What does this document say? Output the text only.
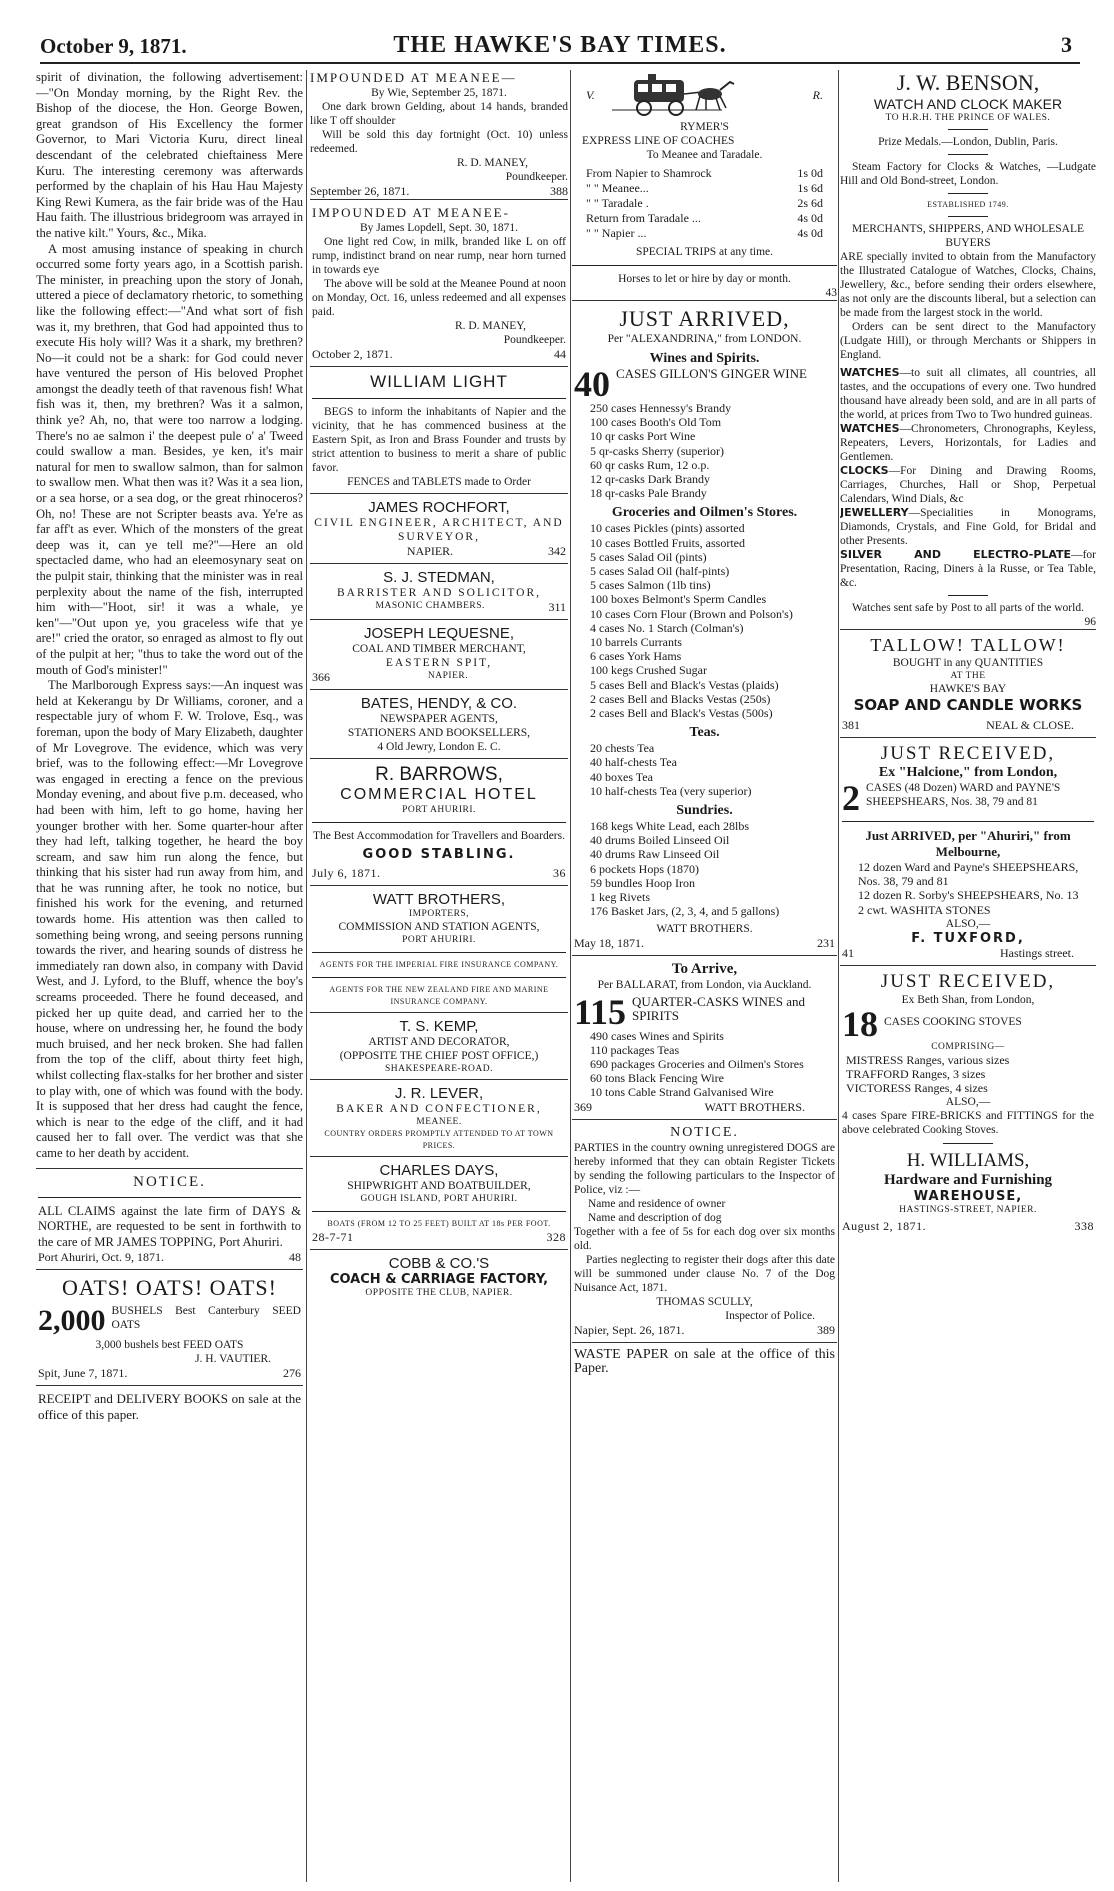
October 9, 1871.	THE HAWKE'S BAY TIMES.	3

spirit of divination, the following advertisement:—"On Monday morning, by the Right Rev. the Bishop of the diocese, the Hon. George Bowen, great grandson of His Excellency the former Governor, to Mari Victoria Kuru, direct lineal descendant of the celebrated chieftainess Mere Kuru. The interesting ceremony was afterwards performed by the chaplain of his Hau Hau Majesty King Rewi Kumera, as the fair bride was of the Hau Hau faith. The illustrious bridegroom was arrayed in the native kilt." Yours, &c., Mika.

A most amusing instance of speaking in church occurred some forty years ago, in a Scottish parish. The minister, in preaching upon the story of Jonah, uttered a piece of declamatory rhetoric, to something like the following effect:—"And what sort of fish was it, my brethren, that God had appointed thus to execute His holy will? Was it a shark, my brethren? No—it could not be a shark: for God could never have ventured the person of His beloved Prophet amongst the deadly teeth of that ravenous fish! What fish was it, then, my brethren? Was it a salmon, think ye? Ah, no, that were too narrow a lodging. There's no ae salmon i' the deepest pule o' a' Tweed could swallow a man. Besides, ye ken, it's mair natural for men to swallow salmon, than for salmon to swallow men. What then was it? Was it a sea lion, or a sea horse, or a sea dog, or the great rhinoceros? Oh, no! These are not Scripter beasts ava. Ye're as far aff't as ever. Which of the monsters of the great deep was it, can ye tell me?"—Here an old spectacled dame, who had an eleemosynary seat on the pulpit stair, thinking that the minister was in real perplexity about the name of the fish, interrupted him with—"Hoot, sir! it was a whale, ye ken"—"Out upon ye, you graceless wife that ye are!" cried the orator, so enraged as almost to fly out of the pulpit at her; "thus to take the word out of the mouth of God's minister!"

The Marlborough Express says:—An inquest was held at Kekerangu by Dr Williams, coroner, and a respectable jury of whom F. W. Trolove, Esq., was foreman, upon the body of Mary Elizabeth, daughter of Mr Lovegrove. The evidence, which was very brief, was to the following effect:—Mr Lovegrove was engaged in erecting a fence on the previous Monday evening, and about five p.m. deceased, who had been with him, left to go home, having her younger brother with her. Some quarter-hour after they had left, talking together, he heard the boy scream, and saw him run along the fence, but thinking that his sister had run away from him, and that he was running after, he took no notice, but finished his work for the evening, and returned towards home. His attention was then called to something being wrong, and seeing persons running towards the river, and hearing sounds of distress he immediately ran down also, in company with David West, and J. Lyford, to the Bluff, whence the boy's screams proceeded. There he found deceased, and picked her up quite dead, and carried her to the house, where on undressing her, he found the body much bruised, and her neck broken. She had fallen from the top of the cliff, about thirty feet high, whilst collecting flax-stalks for her brother and sister to play with, one of which was found with the body. It is supposed that her dress had caught the fence, which is near to the edge of the cliff, and it had caused her to fall over. The verdict was that she came to her death by accident.

NOTICE.

ALL CLAIMS against the late firm of DAYS & NORTHE, are requested to be sent in forthwith to the care of MR JAMES TOPPING, Port Ahuriri.

Port Ahuriri, Oct. 9, 1871.	48
OATS! OATS! OATS!
2,000 BUSHELS Best Canterbury SEED OATS

3,000 bushels best FEED OATS

J. H. VAUTIER.

Spit, June 7, 1871.	276

RECEIPT and DELIVERY BOOKS on sale at the office of this paper.

IMPOUNDED AT MEANEE—

By Wie, September 25, 1871.

One dark brown Gelding, about 14 hands, branded like T off shoulder

Will be sold this day fortnight (Oct. 10) unless redeemed.

R. D. MANEY,

Poundkeeper.

September 26, 1871.	388
IMPOUNDED AT MEANEE-

By James Lopdell, Sept. 30, 1871.

One light red Cow, in milk, branded like L on off rump, indistinct brand on near rump, near horn turned in towards eye

The above will be sold at the Meanee Pound at noon on Monday, Oct. 16, unless redeemed and all expenses paid.

R. D. MANEY,

Poundkeeper.

October 2, 1871.	44
WILLIAM LIGHT

BEGS to inform the inhabitants of Napier and the vicinity, that he has commenced business at the Eastern Spit, as Iron and Brass Founder and trusts by strict attention to business to merit a share of public favor.

FENCES and TABLETS made to Order

JAMES ROCHFORT,
CIVIL ENGINEER, ARCHITECT, AND SURVEYOR,
NAPIER.	342
S. J. STEDMAN,
BARRISTER AND SOLICITOR,
MASONIC CHAMBERS.	311
JOSEPH LEQUESNE,
COAL AND TIMBER MERCHANT,
EASTERN SPIT,
366	NAPIER.
BATES, HENDY, & CO.
NEWSPAPER AGENTS,
STATIONERS AND BOOKSELLERS,
4 Old Jewry, London E. C.
R. BARROWS,
COMMERCIAL HOTEL
PORT AHURIRI.

The Best Accommodation for Travellers and Boarders.

GOOD STABLING.
July 6, 1871.	36
WATT BROTHERS,
IMPORTERS,
COMMISSION AND STATION AGENTS,
PORT AHURIRI.
AGENTS FOR THE IMPERIAL FIRE INSURANCE COMPANY.
AGENTS FOR THE NEW ZEALAND FIRE AND MARINE INSURANCE COMPANY.
T. S. KEMP,
ARTIST AND DECORATOR,
(OPPOSITE THE CHIEF POST OFFICE,)
SHAKESPEARE-ROAD.
J. R. LEVER,
BAKER AND CONFECTIONER,
MEANEE.
COUNTRY ORDERS PROMPTLY ATTENDED TO AT TOWN PRICES.
CHARLES DAYS,
SHIPWRIGHT AND BOATBUILDER,
GOUGH ISLAND, PORT AHURIRI.
BOATS (FROM 12 TO 25 FEET) BUILT AT 18s PER FOOT.
28-7-71	328
COBB & CO.'S
COACH & CARRIAGE FACTORY,
OPPOSITE THE CLUB, NAPIER.
V.	R.
RYMER'S
EXPRESS LINE OF COACHES
To Meanee and Taradale.
From Napier to Shamrock	1s 0d
" " Meanee...	1s 6d
" " Taradale .	2s 6d
Return from Taradale ...	4s 0d
" " Napier ...	4s 0d
SPECIAL TRIPS at any time.
Horses to let or hire by day or month.
43
JUST ARRIVED,
Per "ALEXANDRINA," from LONDON.
Wines and Spirits.
40 CASES GILLON'S GINGER WINE
250 cases Hennessy's Brandy
100 cases Booth's Old Tom
10 qr casks Port Wine
5 qr-casks Sherry (superior)
60 qr casks Rum, 12 o.p.
12 qr-casks Dark Brandy
18 qr-casks Pale Brandy
Groceries and Oilmen's Stores.
10 cases Pickles (pints) assorted
10 cases Bottled Fruits, assorted
5 cases Salad Oil (pints)
5 cases Salad Oil (half-pints)
5 cases Salmon (1lb tins)
100 boxes Belmont's Sperm Candles
10 cases Corn Flour (Brown and Polson's)
4 cases No. 1 Starch (Colman's)
10 barrels Currants
6 cases York Hams
100 kegs Crushed Sugar
5 cases Bell and Black's Vestas (plaids)
2 cases Bell and Blacks Vestas (250s)
2 cases Bell and Black's Vestas (500s)
Teas.
20 chests Tea
40 half-chests Tea
40 boxes Tea
10 half-chests Tea (very superior)
Sundries.
168 kegs White Lead, each 28lbs
40 drums Boiled Linseed Oil
40 drums Raw Linseed Oil
6 pockets Hops (1870)
59 bundles Hoop Iron
1 keg Rivets
176 Basket Jars, (2, 3, 4, and 5 gallons)
WATT BROTHERS.
May 18, 1871.	231
To Arrive,
Per BALLARAT, from London, via Auckland.
115 QUARTER-CASKS WINES and SPIRITS
490 cases Wines and Spirits
110 packages Teas
690 packages Groceries and Oilmen's Stores
60 tons Black Fencing Wire
10 tons Cable Strand Galvanised Wire
369	WATT BROTHERS.
NOTICE.

PARTIES in the country owning unregistered DOGS are hereby informed that they can obtain Register Tickets by sending the following particulars to the Inspector of Police, viz :—

Name and residence of owner
Name and description of dog

Together with a fee of 5s for each dog over six months old.

Parties neglecting to register their dogs after this date will be summoned under clause No. 7 of the Dog Nuisance Act, 1871.

THOMAS SCULLY,
Inspector of Police.
Napier, Sept. 26, 1871.	389

WASTE PAPER on sale at the office of this Paper.

J. W. BENSON,
WATCH AND CLOCK MAKER
TO H.R.H. THE PRINCE OF WALES.
Prize Medals.—London, Dublin, Paris.

Steam Factory for Clocks & Watches, —Ludgate Hill and Old Bond-street, London.

ESTABLISHED 1749.
MERCHANTS, SHIPPERS, AND WHOLESALE BUYERS

ARE specially invited to obtain from the Manufactory the Illustrated Catalogue of Watches, Clocks, Chains, Jewellery, &c., before sending their orders elsewhere, as not only are the discounts liberal, but a selection can be made from the largest stock in the world.

Orders can be sent direct to the Manufactory (Ludgate Hill), or through Merchants or Shippers in England.

WATCHES—to suit all climates, all countries, all tastes, and the occupations of every one. Two hundred thousand have already been sold, and are in all parts of the world, at prices from Two to Two hundred guineas.

WATCHES—Chronometers, Chronographs, Keyless, Repeaters, Levers, Horizontals, for Ladies and Gentlemen.

CLOCKS—For Dining and Drawing Rooms, Carriages, Churches, Hall or Shop, Perpetual Calendars, Wind Dials, &c

JEWELLERY—Specialities in Monograms, Diamonds, Crystals, and Fine Gold, for Bridal and other Presents.

SILVER AND ELECTRO-PLATE—for Presentation, Racing, Diners à la Russe, or Tea Table, &c.

Watches sent safe by Post to all parts of the world.

96
TALLOW! TALLOW!
BOUGHT in any QUANTITIES
AT THE
HAWKE'S BAY
SOAP AND CANDLE WORKS
381	NEAL & CLOSE.
JUST RECEIVED,
Ex "Halcione," from London,
2 CASES (48 Dozen) WARD and PAYNE'S SHEEPSHEARS, Nos. 38, 79 and 81
Just ARRIVED, per "Ahuriri," from Melbourne,
12 dozen Ward and Payne's SHEEPSHEARS, Nos. 38, 79 and 81
12 dozen R. Sorby's SHEEPSHEARS, No. 13
2 cwt. WASHITA STONES
ALSO,—
F. TUXFORD,
41	Hastings street.
JUST RECEIVED,
Ex Beth Shan, from London,
18 CASES COOKING STOVES
COMPRISING—
MISTRESS Ranges, various sizes
TRAFFORD Ranges, 3 sizes
VICTORESS Ranges, 4 sizes
ALSO,—

4 cases Spare FIRE-BRICKS and FITTINGS for the above celebrated Cooking Stoves.

H. WILLIAMS,
Hardware and Furnishing
WAREHOUSE,
HASTINGS-STREET, NAPIER.
August 2, 1871.	338
